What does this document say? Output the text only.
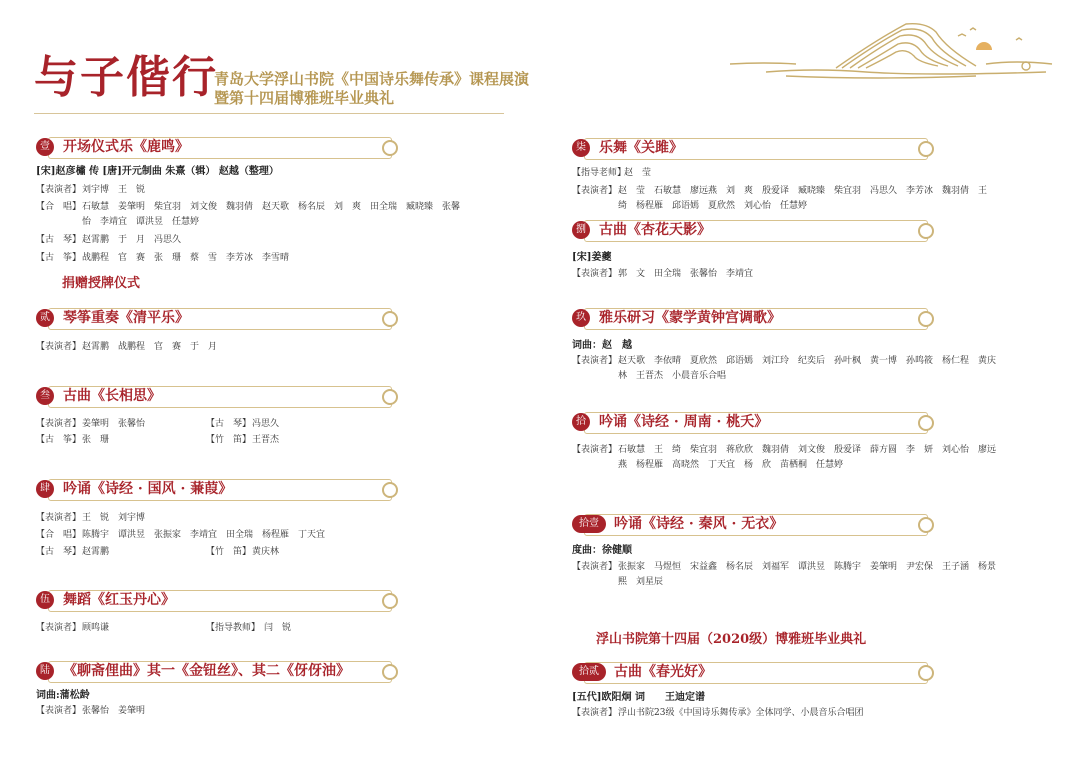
与子偕行
青岛大学浮山书院《中国诗乐舞传承》课程展演
暨第十四届博雅班毕业典礼
壹 开场仪式乐《鹿鸣》
[宋]赵彦橚 传 [唐]开元制曲 朱熹（辑） 赵越（整理）
【表演者】 刘宇博　王　锐
【合　唱】 石敏慧　姜肇明　柴宜羽　刘文俊　魏羽倩　赵天歌　杨名辰　刘　爽　田全瑞　臧晓臻　张馨怡　李靖宜　谭洪昱　任慧婷
【古　琴】 赵霄鹏　于　月　冯思久
【古　筝】 战鹏程　官　赛　张　珊　蔡　雪　李芳冰　李雪晴
捐赠授牌仪式
贰 琴筝重奏《清平乐》
【表演者】 赵霄鹏　战鹏程　官　赛　于　月
叁 古曲《长相思》
【表演者】 姜肇明　张馨怡	【古　琴】 冯思久
【古　筝】 张　珊	【竹　笛】 王晋杰
肆 吟诵《诗经 · 国风 · 蒹葭》
【表演者】 王　锐　刘宇博
【合　唱】 陈腾宇　谭洪昱　张振家　李靖宜　田全瑞　杨程雁　丁天宜
【古　琴】 赵霄鹏	【竹　笛】 黄庆林
伍 舞蹈《红玉丹心》
【表演者】 顾鸣谦	【指导教师】 闫　锐
陆 《聊斋俚曲》其一《金钮丝》、其二《伢伢油》
词曲:蒲松龄
【表演者】 张馨怡　姜肇明
柒 乐舞《关雎》
【指导老师】
赵　莹
【表演者】 赵　莹　石敏慧　廖远燕　刘　爽　殷爱译　臧晓臻　柴宜羽　冯思久　李芳冰　魏羽倩　王　绮　杨程雁　邱语嫣　夏欣然　刘心怡　任慧婷
捌 古曲《杏花天影》
[宋]姜夔
【表演者】 郭　文　田全瑞　张馨怡　李靖宜
玖 雅乐研习《蒙学黄钟宫调歌》
词曲：赵　越
【表演者】 赵天歌　李依晴　夏欣然　邱语嫣　刘江玲　纪奕后　孙叶枫　黄一博　孙鸣筱　杨仁程　黄庆林　王晋杰　小晨音乐合唱
拾 吟诵《诗经 · 周南 · 桃夭》
【表演者】 石敏慧　王　绮　柴宜羽　蒋欣欣　魏羽倩　刘文俊　殷爱译　薛方圆　李　妍　刘心怡　廖远燕　杨程雁　高晓然　丁天宜　杨　欣　苗栖桐　任慧婷
拾壹	吟诵《诗经 · 秦风 · 无衣》
度曲：徐健顺
【表演者】 张振家　马煜恒　宋益鑫　杨名辰　刘福军　谭洪昱　陈腾宇　姜肇明　尹宏保　王子涵　杨景熙　刘星辰
浮山书院第十四届（2020级）博雅班毕业典礼
拾贰	古曲《春光好》
[五代]欧阳炯 词　　王迪定谱
【表演者】 浮山书院23级《中国诗乐舞传承》全体同学、小晨音乐合唱团
